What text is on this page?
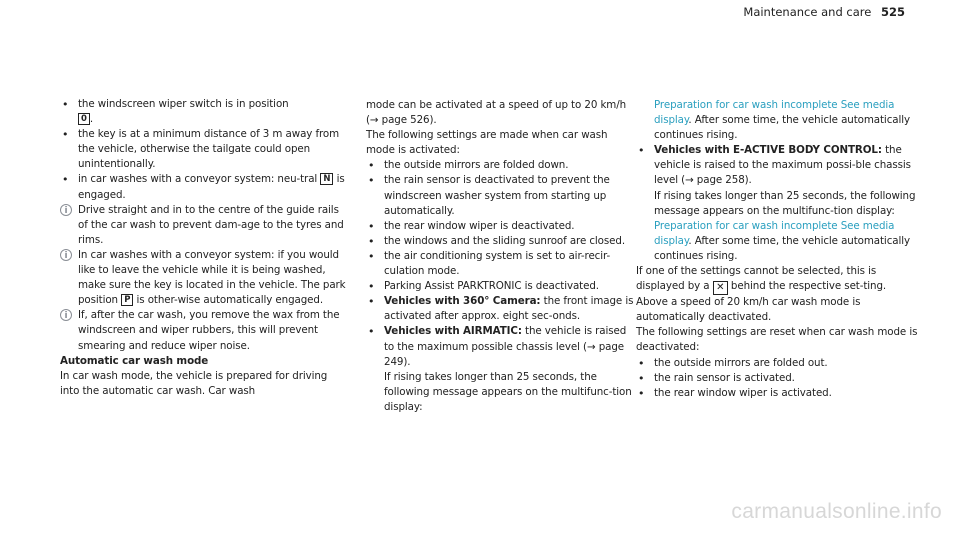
Maintenance and care 525
• the windscreen wiper switch is in position
0 .
• the key is at a minimum distance of 3 m away from the vehicle, otherwise the tailgate could open unintentionally.
• in car washes with a conveyor system: neu-tral N is engaged.
i	Drive straight and in to the centre of the guide rails of the car wash to prevent dam-age to the tyres and rims.
i	In car washes with a conveyor system: if you would like to leave the vehicle while it is being washed, make sure the key is located in the vehicle. The park position P is other-wise automatically engaged.
i	If, after the car wash, you remove the wax from the windscreen and wiper rubbers, this will prevent smearing and reduce wiper noise.

Automatic car wash mode

In car wash mode, the vehicle is prepared for driving into the automatic car wash. Car wash

mode can be activated at a speed of up to 20 km/h (→ page 526).

The following settings are made when car wash mode is activated:

• the outside mirrors are folded down.
• the rain sensor is deactivated to prevent the windscreen washer system from starting up automatically.
• the rear window wiper is deactivated.
• the windows and the sliding sunroof are closed.
• the air conditioning system is set to air-recir-culation mode.
• Parking Assist PARKTRONIC is deactivated.
• Vehicles with 360° Camera: the front image is activated after approx. eight sec-onds.
• Vehicles with AIRMATIC: the vehicle is raised to the maximum possible chassis level (→ page 249).

If rising takes longer than 25 seconds, the following message appears on the multifunc-tion display:

Preparation for car wash incomplete See media display. After some time, the vehicle automatically continues rising.

• Vehicles with E-ACTIVE BODY CONTROL: the vehicle is raised to the maximum possi-ble chassis level (→ page 258).

If rising takes longer than 25 seconds, the following message appears on the multifunc-tion display:

Preparation for car wash incomplete See media display. After some time, the vehicle automatically continues rising.

If one of the settings cannot be selected, this is displayed by a ✕ behind the respective set-ting.

Above a speed of 20 km/h car wash mode is automatically deactivated.

The following settings are reset when car wash mode is deactivated:

• the outside mirrors are folded out.
• the rain sensor is activated.
• the rear window wiper is activated.
carmanualsonline.info
